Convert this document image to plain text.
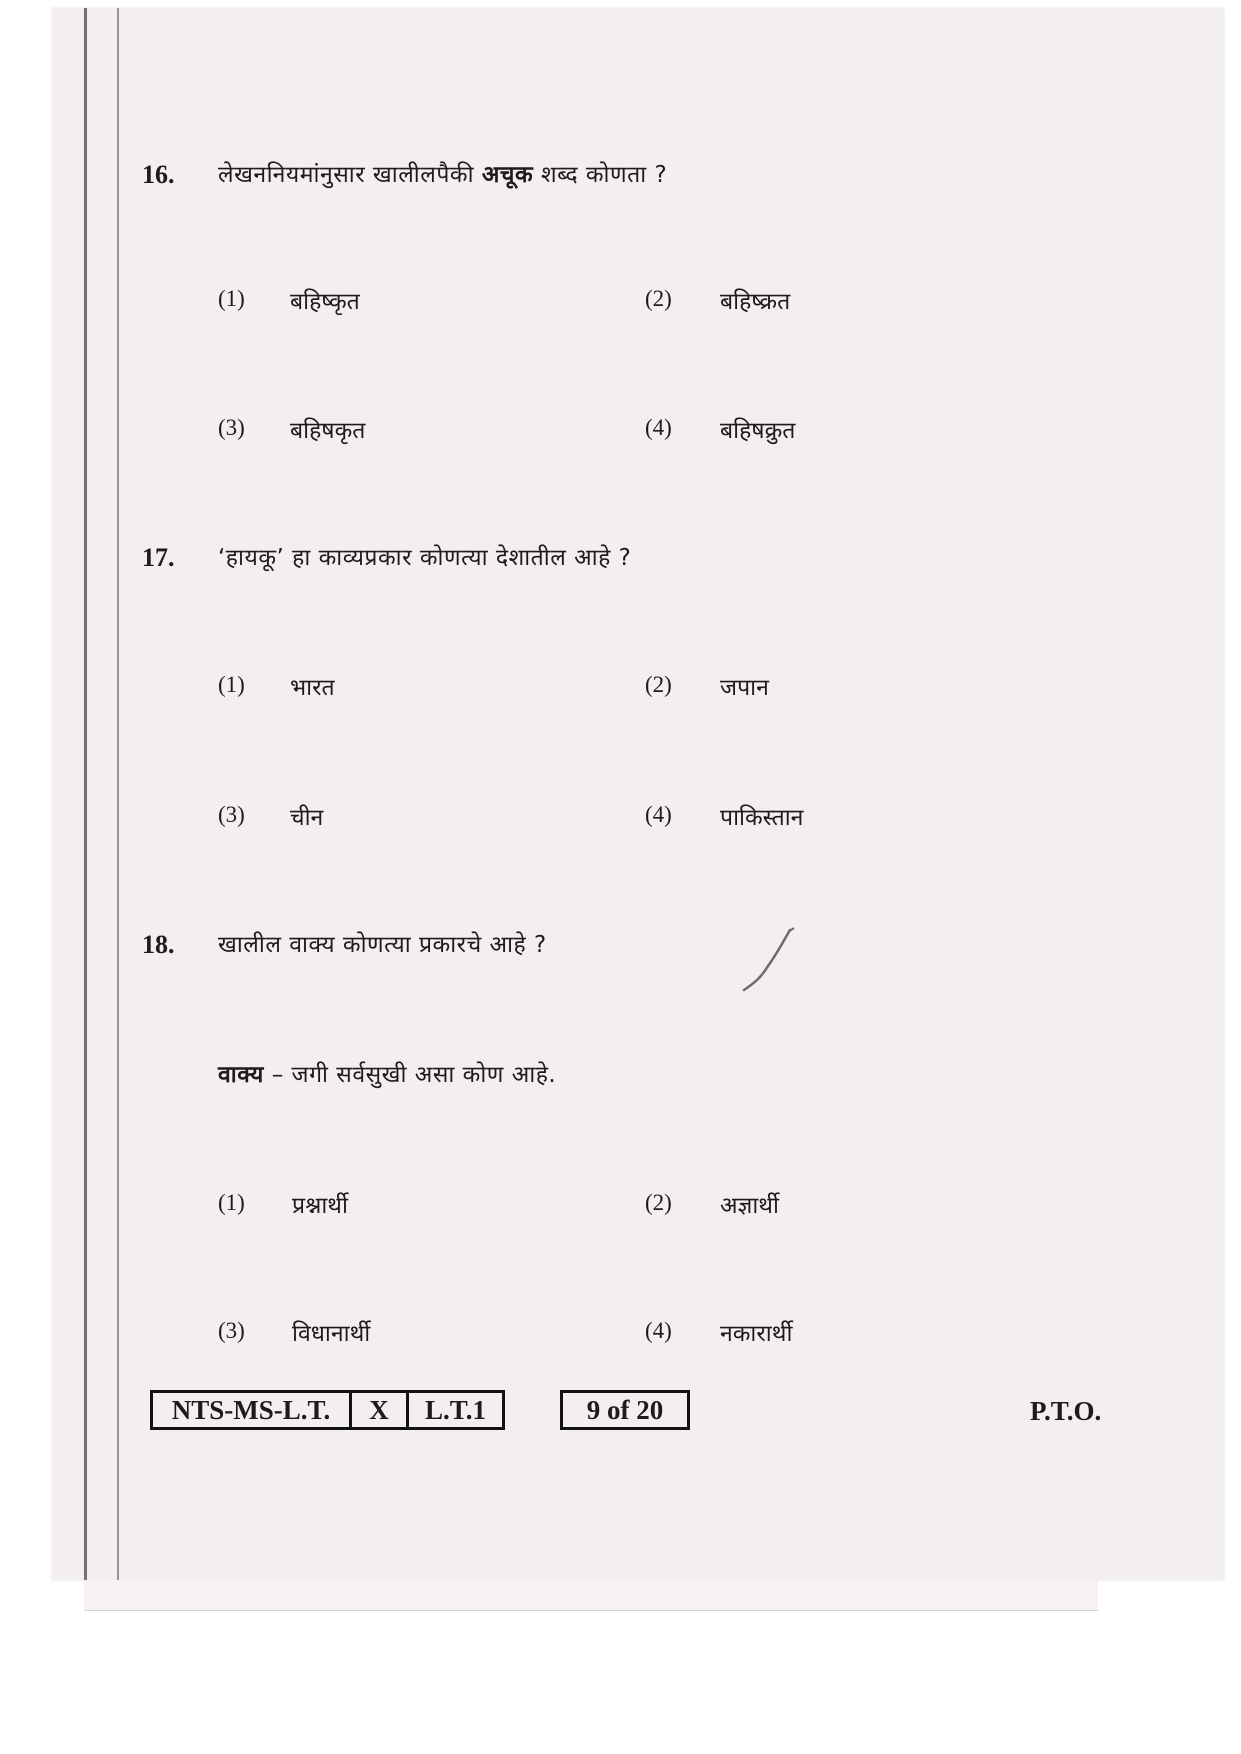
16. लेखननियमांनुसार खालीलपैकी अचूक शब्द कोणता ?
(1) बहिष्कृत	(2) बहिष्क्रत
(3) बहिषकृत	(4) बहिषक्रुत
17. ‘हायकू’ हा काव्यप्रकार कोणत्या देशातील आहे ?
(1) भारत	(2) जपान
(3) चीन	(4) पाकिस्तान
18. खालील वाक्य कोणत्या प्रकारचे आहे ?
वाक्य – जगी सर्वसुखी असा कोण आहे.
(1) प्रश्नार्थी	(2) अज्ञार्थी
(3) विधानार्थी	(4) नकारार्थी
NTS-MS-L.T.	X	L.T.1	9 of 20	P.T.O.
